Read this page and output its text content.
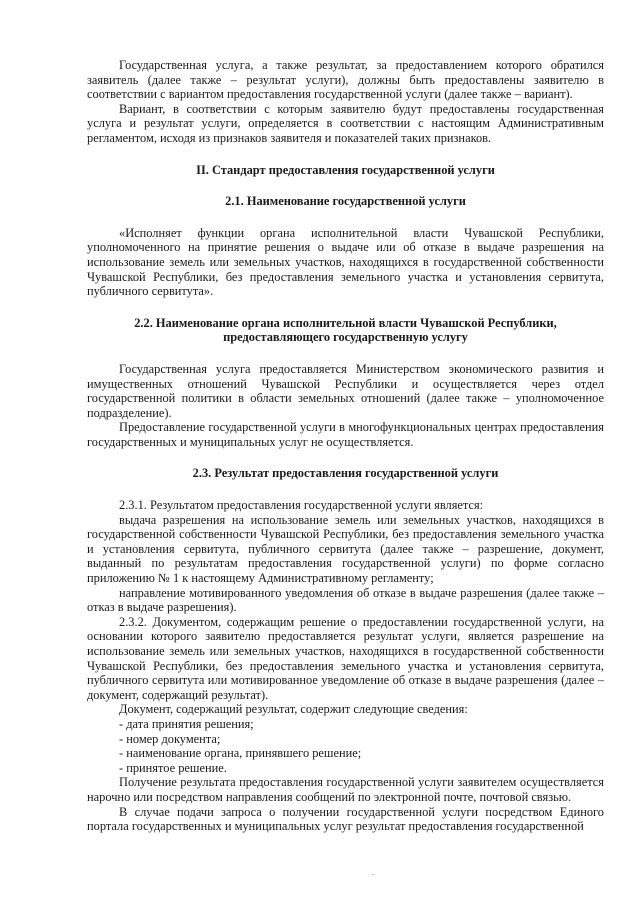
Государственная услуга, а также результат, за предоставлением которого обратился заявитель (далее также – результат услуги), должны быть предоставлены заявителю в соответствии с вариантом предоставления государственной услуги (далее также – вариант).

Вариант, в соответствии с которым заявителю будут предоставлены государственная услуга и результат услуги, определяется в соответствии с настоящим Административным регламентом, исходя из признаков заявителя и показателей таких признаков.

II. Стандарт предоставления государственной услуги
2.1. Наименование государственной услуги

«Исполняет функции органа исполнительной власти Чувашской Республики, уполномоченного на принятие решения о выдаче или об отказе в выдаче разрешения на использование земель или земельных участков, находящихся в государственной собственности Чувашской Республики, без предоставления земельного участка и установления сервитута, публичного сервитута».

2.2. Наименование органа исполнительной власти Чувашской Республики,
предоставляющего государственную услугу

Государственная услуга предоставляется Министерством экономического развития и имущественных отношений Чувашской Республики и осуществляется через отдел государственной политики в области земельных отношений (далее также – уполномоченное подразделение).

Предоставление государственной услуги в многофункциональных центрах предоставления государственных и муниципальных услуг не осуществляется.

2.3. Результат предоставления государственной услуги

2.3.1. Результатом предоставления государственной услуги является:

выдача разрешения на использование земель или земельных участков, находящихся в государственной собственности Чувашской Республики, без предоставления земельного участка и установления сервитута, публичного сервитута (далее также – разрешение, документ, выданный по результатам предоставления государственной услуги) по форме согласно приложению № 1 к настоящему Административному регламенту;

направление мотивированного уведомления об отказе в выдаче разрешения (далее также – отказ в выдаче разрешения).

2.3.2. Документом, содержащим решение о предоставлении государственной услуги, на основании которого заявителю предоставляется результат услуги, является разрешение на использование земель или земельных участков, находящихся в государственной собственности Чувашской Республики, без предоставления земельного участка и установления сервитута, публичного сервитута или мотивированное уведомление об отказе в выдаче разрешения (далее – документ, содержащий результат).

Документ, содержащий результат, содержит следующие сведения:

- дата принятия решения;

- номер документа;

- наименование органа, принявшего решение;

- принятое решение.

Получение результата предоставления государственной услуги заявителем осуществляется нарочно или посредством направления сообщений по электронной почте, почтовой связью.

В случае подачи запроса о получении государственной услуги посредством Единого портала государственных и муниципальных услуг результат предоставления государственной
